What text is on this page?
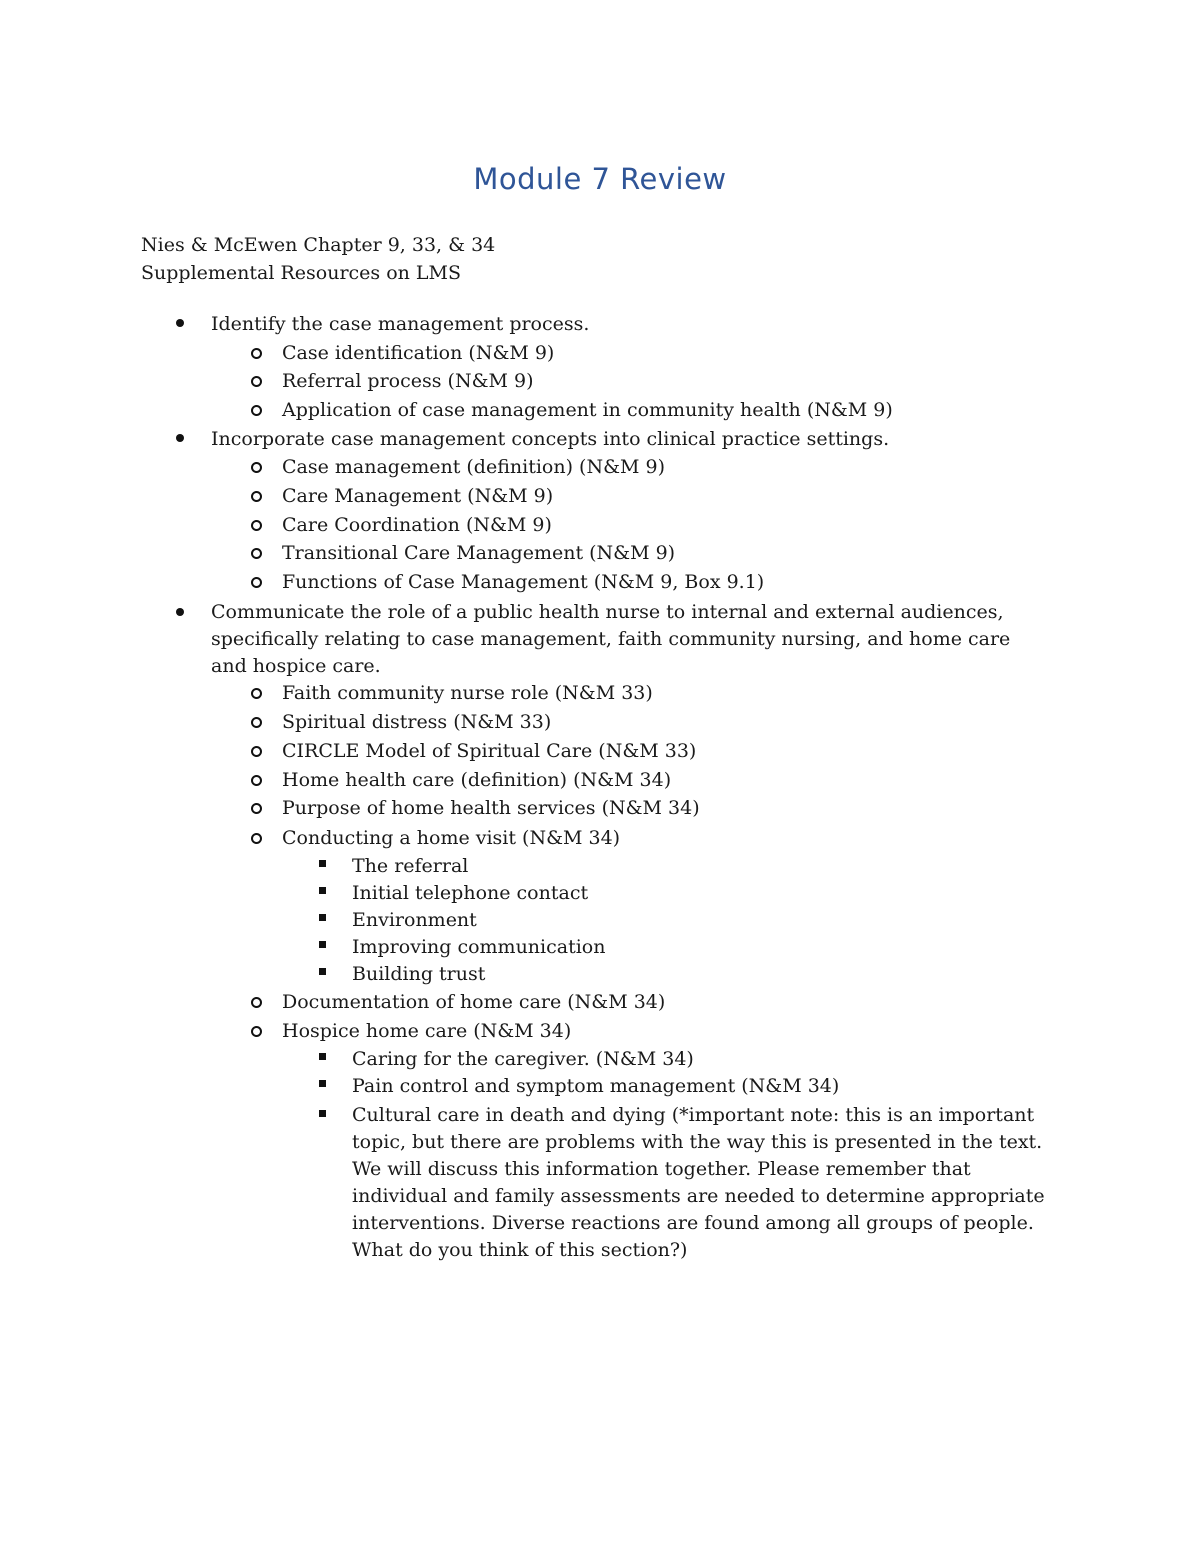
Module 7 Review
Nies & McEwen Chapter 9, 33, & 34
Supplemental Resources on LMS
Identify the case management process.
Case identification (N&M 9)
Referral process (N&M 9)
Application of case management in community health (N&M 9)
Incorporate case management concepts into clinical practice settings.
Case management (definition) (N&M 9)
Care Management (N&M 9)
Care Coordination (N&M 9)
Transitional Care Management (N&M 9)
Functions of Case Management (N&M 9, Box 9.1)
Communicate the role of a public health nurse to internal and external audiences, specifically relating to case management, faith community nursing, and home care and hospice care.
Faith community nurse role (N&M 33)
Spiritual distress (N&M 33)
CIRCLE Model of Spiritual Care (N&M 33)
Home health care (definition) (N&M 34)
Purpose of home health services (N&M 34)
Conducting a home visit (N&M 34)
The referral
Initial telephone contact
Environment
Improving communication
Building trust
Documentation of home care (N&M 34)
Hospice home care (N&M 34)
Caring for the caregiver. (N&M 34)
Pain control and symptom management (N&M 34)
Cultural care in death and dying (*important note: this is an important topic, but there are problems with the way this is presented in the text. We will discuss this information together. Please remember that individual and family assessments are needed to determine appropriate interventions. Diverse reactions are found among all groups of people. What do you think of this section?)
